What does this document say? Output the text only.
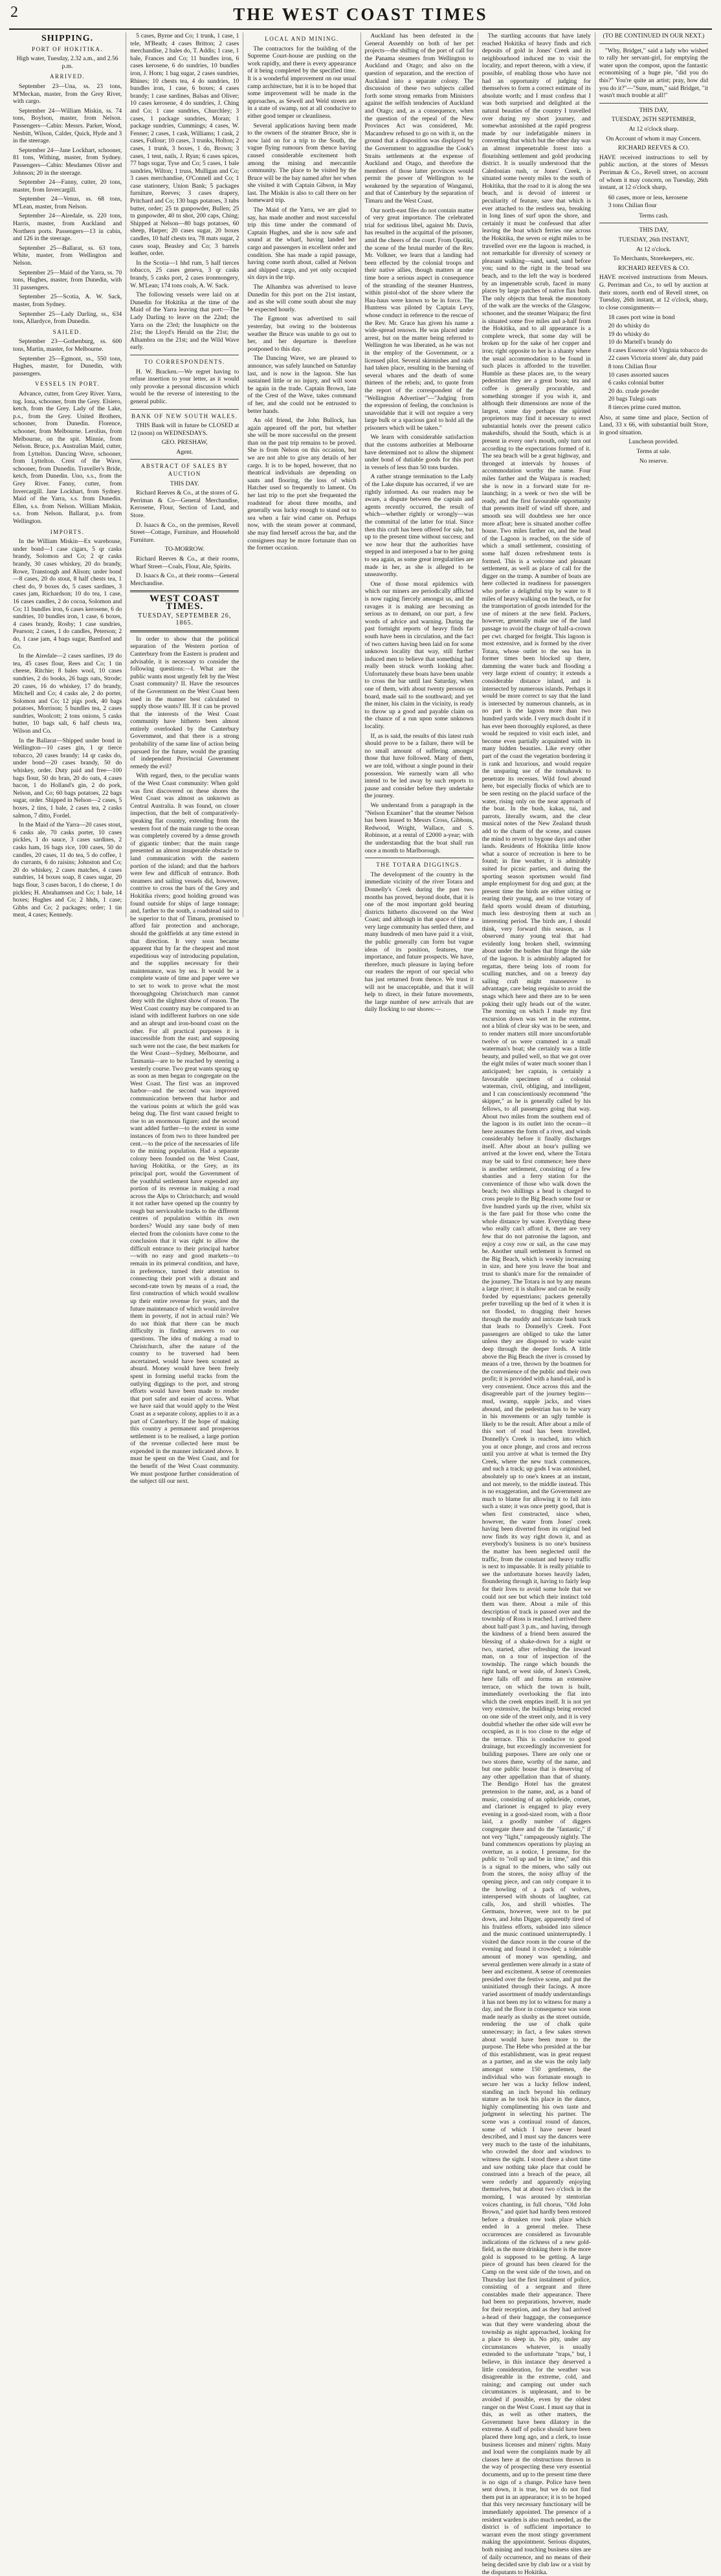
2	THE WEST COAST TIMES
SHIPPING.
PORT OF HOKITIKA.

High water, Tuesday, 2.32 a.m., and 2.56 p.m.

ARRIVED.

September 23—Una, ss. 23 tons, M'Meckan, master, from the Grey River, with cargo.

September 24—William Miskin, ss. 74 tons, Boylson, master, from Nelson. Passengers—Cabin: Messrs. Parker, Wood, Nesbitt, Wilson, Calder, Quick, Hyde and 3 in the steerage.

September 24—Jane Lockhart, schooner, 81 tons, Withing, master, from Sydney. Passengers—Cabin: Mesdames Oliver and Johnson; 20 in the steerage.

September 24—Fanny, cutter, 20 tons, master, from Invercargill.

September 24—Venus, ss. 68 tons, M'Lean, master, from Nelson.

September 24—Airedale, ss. 220 tons, Harris, master, from Auckland and Northern ports. Passengers—13 in cabin, and 126 in the steerage.

September 25—Ballarat, ss. 63 tons, White, master, from Wellington and Nelson.

September 25—Maid of the Yarra, ss. 70 tons, Hughes, master, from Dunedin, with 31 passengers.

September 25—Scotia, A. W. Sack, master, from Sydney.

September 25—Lady Darling, ss., 634 tons, Allardyce, from Dunedin.

SAILED.

September 23—Gothenburg, ss. 600 tons, Martin, master, for Melbourne.

September 25—Egmont, ss., 550 tons, Hughes, master, for Dunedin, with passengers.

VESSELS IN PORT.

Advance, cutter, from Grey River. Yarra, tug. Iona, schooner, from the Grey. Elsiero, ketch, from the Grey. Lady of the Lake, p.s., from the Grey. United Brothers, schooner, from Dunedin. Florence, schooner, from Melbourne. Lerolius, from Melbourne, on the spit. Minnie, from Nelson. Bruce, p.s. Australian Maid, cutter, from Lyttelton. Dancing Wave, schooner, from Lyttelton. Crest of the Wave, schooner, from Dunedin. Traveller's Bride, ketch, from Dunedin. Uno, s.s., from the Grey River. Fanny, cutter, from Invercargill. Jane Lockhart, from Sydney. Maid of the Yarra, s.s. from Dunedin. Ellen, s.s. from Nelson. William Miskin, s.s. from Nelson. Ballarat, p.s. from Wellington.

IMPORTS.

In the William Miskin—Ex warehouse, under bond—1 case cigars, 5 qr casks brandy, Solomon and Co; 2 qr casks brandy, 30 cases whiskey, 20 do brandy, Rowe, Transtough and Alison; under bond—8 cases, 20 do stout, 8 half chests tea, 1 chest do, 9 boxes do, 5 cases sardines, 3 cases jam, Richardson; 10 do tea, 1 case, 16 cases candles, 2 do cocoa, Solomon and Co; 11 bundles iron, 6 cases kerosene, 6 do sundries, 10 bundles iron, 1 case, 6 boxes, 4 cases brandy, Rosby; 1 case sundries, Pearson; 2 cases, 1 do candles, Peterson; 2 do, 1 case jam, 4 bags sugar, Bamford and Co.

In the Airedale—2 cases sardines, 19 do tea, 45 cases flour, Rees and Co; 1 tin cheese, Ritchie; 8 bales wool, 10 cases sundries, 2 do books, 26 bags oats, Strode; 20 cases, 16 do whiskey, 17 do brandy, Mitchell and Co; 4 casks ale, 2 do porter, Solomon and Co; 12 pigs pork, 40 bags potatoes, Morrison; 5 bundles tea, 2 cases sundries, Woolcott; 2 tons onions, 5 casks butter, 10 bags salt, 6 half chests tea, Wilson and Co.

In the Ballarat—Shipped under bond in Wellington—10 cases gin, 1 qr tierce tobacco, 20 cases brandy; 14 qr casks do, under bond—20 cases brandy, 50 do whiskey, order. Duty paid and free—100 bags flour, 50 do bran, 20 do oats, 4 cases bacon, 1 do Holland's gin, 2 do pork, Nelson, and Co; 60 bags potatoes, 22 bags sugar, order. Shipped in Nelson—2 cases, 5 boxes, 2 tins, 1 bale, 2 cases tea, 2 casks salmon, 7 ditto, Fordel.

In the Maid of the Yarra—20 cases stout, 6 casks ale, 70 casks porter, 10 cases pickles, 1 do sauce, 3 cases sardines, 2 casks ham, 16 bags rice, 100 cases, 50 do candles, 20 cases, 11 do tea, 5 do coffee, 1 do currants, 6 do raisins; Johnston and Co; 20 do whiskey, 2 cases matches, 4 cases sundries, 14 boxes soap, 8 cases sugar, 20 bags flour, 3 cases bacon, 1 do cheese, 1 do pickles; H. Abrahamsen and Co; 1 bale, 14 boxes; Hughes and Co; 2 hhds, 1 case; Gibbs and Co; 2 packages; order; 1 tin meat, 4 cases; Kennedy.

5 cases, Byrne and Co; 1 trunk, 1 case, 1 tele, M'Beath; 4 cases Britton; 2 cases merchandise, 2 bales do, T. Addis; 1 case, 1 bale, Frances and Co; 11 bundles iron, 6 cases kerosene, 6 do sundries, 10 bundles iron, J. Horn; 1 bag sugar, 2 cases sundries, Rhines; 10 chests tea, 4 do sundries, 10 bundles iron, 1 case, 6 boxes; 4 cases brandy; 1 case sardines, Balsas and Oliver; 10 cases kerosene, 4 do sundries, J. Ching and Co; 1 case sundries, Churchley; 3 cases, 1 package sundries, Moran; 1 package sundries, Cummings; 4 cases, W. Fenner; 2 cases, 1 cask, Williams; 1 cask, 2 cases, Fullour; 10 cases, 3 trunks, Holton; 2 cases, 1 trunk, 3 boxes, 1 do, Brown; 3 cases, 1 tent, nails, J. Ryan; 6 cases spices, 77 bags sugar, Tyse and Co; 5 cases, 1 bale sundries, Wilton; 1 truss, Mulligan and Co; 3 cases merchandise, O'Connell and Co; 1 case stationery, Union Bank; 5 packages furniture, Reeves; 3 cases drapery, Pritchard and Co; 130 bags potatoes, 3 tubs butter, order; 25 tn gunpowder, Bullen; 25 tn gunpowder, 40 tn shot, 200 caps, Ching; Shipped at Nelson—80 bags potatoes, 60 sheep, Harper; 20 cases sugar, 20 boxes candles, 10 half chests tea, 78 mats sugar, 2 cases soap, Beasley and Co; 3 barrels leather, order.

In the Scotia—1 hhd rum, 5 half tierces tobacco, 25 cases geneva, 3 qr casks brandy, 5 casks port, 2 cases ironmongery, W. M'Lean; 174 tons coals, A. W. Sack.

The following vessels were laid on at Dunedin for Hokitika at the time of the Maid of the Yarra leaving that port:—The Lady Darling to leave on the 22nd; the Yarra on the 23rd; the Isnaphicte on the 21st; the Lloyd's Herald on the 21st; the Alhambra on the 21st; and the Wild Wave early.

TO CORRESPONDENTS.

H. W. Bracken.—We regret having to refuse insertion to your letter, as it would only provoke a personal discussion which would be the reverse of interesting to the general public.

BANK OF NEW SOUTH WALES.

THIS Bank will in future be CLOSED at 12 (noon) on WEDNESDAYS.

GEO. PRESHAW,

Agent.

ABSTRACT OF SALES BY AUCTION

THIS DAY.

Richard Reeves & Co., at the stores of G. Perriman & Co—General Merchandise, Kerosene, Flour, Section of Land, and Store.

D. Isaacs & Co., on the premises, Revell Street—Cottage, Furniture, and Household Furniture.

TO-MORROW.

Richard Reeves & Co., at their rooms, Wharf Street—Coals, Flour, Ale, Spirits.

D. Isaacs & Co., at their rooms—General Merchandise.

WEST COAST TIMES.
TUESDAY, SEPTEMBER 26, 1865.

In order to show that the political separation of the Western portion of Canterbury from the Eastern is prudent and advisable, it is necessary to consider the following questions:—I. What are the public wants most urgently felt by the West Coast community? II. Have the resources of the Government on the West Coast been used in the manner best calculated to supply those wants? III. If it can be proved that the interests of the West Coast community have hitherto been almost entirely overlooked by the Canterbury Government, and that there is a strong probability of the same line of action being pursued for the future, would the granting of independent Provincial Government remedy the evil?

With regard, then, to the peculiar wants of the West Coast community: When gold was first discovered on these shores the West Coast was almost as unknown as Central Australia. It was found, on closer inspection, that the belt of comparatively-speaking flat country, extending from the western foot of the main range to the ocean was completely covered by a dense growth of gigantic timber; that the main range presented an almost insuperable obstacle to land communication with the eastern portion of the island; and that the harbors were few and difficult of entrance. Both steamers and sailing vessels did, however, contrive to cross the bars of the Grey and Hokitika rivers; good holding ground was found outside for ships of large tonnage; and, farther to the south, a roadstead said to be superior to that of Timaru, promised to afford fair protection and anchorage, should the goldfields at any time extend in that direction. It very soon became apparent that by far the cheapest and most expeditious way of introducing population, and the supplies necessary for their maintenance, was by sea. It would be a complete waste of time and paper were we to set to work to prove what the most thoroughgoing Christchurch man cannot deny with the slightest show of reason. The West Coast country may be compared to an island with indifferent harbors on one side and an abrupt and iron-bound coast on the other. For all practical purposes it is inaccessible from the east; and supposing such were not the case, the best markets for the West Coast—Sydney, Melbourne, and Tasmania—are to be reached by steering a westerly course. Two great wants sprang up as soon as men began to congregate on the West Coast. The first was an improved harbor—and the second was improved communication between that harbor and the various points at which the gold was being dug. The first want caused freight to rise to an enormous figure; and the second want added further—to the extent in some instances of from two to three hundred per cent.—to the price of the necessaries of life to the mining population. Had a separate colony been founded on the West Coast, having Hokitika, or the Grey, as its principal port, would the Government of the youthful settlement have expended any portion of its revenue in making a road across the Alps to Christchurch; and would it not rather have opened up the country by rough but serviceable tracks to the different centres of population within its own borders? Would any sane body of men elected from the colonists have come to the conclusion that it was right to allow the difficult entrance to their principal harbor—with no easy and good markets—to remain in its primeval condition, and have, in preference, turned their attention to connecting their port with a distant and second-rate town by means of a road, the first construction of which would swallow up their entire revenue for years, and the future maintenance of which would involve them in poverty, if not in actual ruin? We do not think that there can be much difficulty in finding answers to our questions. The idea of making a road to Christchurch, after the nature of the country to be traversed had been ascertained, would have been scouted as absurd. Money would have been freely spent in forming useful tracks from the outlying diggings to the port, and strong efforts would have been made to render that port safer and easier of access. What we have said that would apply to the West Coast as a separate colony, applies to it as a part of Canterbury. If the hope of making this country a permanent and prosperous settlement is to be realised, a large portion of the revenue collected here must be expended in the manner indicated above. It must be spent on the West Coast, and for the benefit of the West Coast community. We must postpone further consideration of the subject till our next.

LOCAL AND MINING.

The contractors for the building of the Supreme Court-house are pushing on the work rapidly, and there is every appearance of it being completed by the specified time. It is a wonderful improvement on our usual camp architecture, but it is to be hoped that some improvement will be made in the approaches, as Sewell and Weld streets are in a state of swamp, not at all conducive to either good temper or cleanliness.

Several applications having been made to the owners of the steamer Bruce, she is now laid on for a trip to the South, the vague flying rumours from thence having caused considerable excitement both among the mining and mercantile community. The place to be visited by the Bruce will be the bay named after her when she visited it with Captain Gibson, in May last. The Miskin is also to call there on her homeward trip.

The Maid of the Yarra, we are glad to say, has made another and most successful trip this time under the command of Captain Hughes, and she is now safe and sound at the wharf, having landed her cargo and passengers in excellent order and condition. She has made a rapid passage, having come north about, called at Nelson and shipped cargo, and yet only occupied six days in the trip.

The Alhambra was advertised to leave Dunedin for this port on the 21st instant, and as she will come south about she may be expected hourly.

The Egmont was advertised to sail yesterday, but owing to the boisterous weather the Bruce was unable to go out to her, and her departure is therefore postponed to this day.

The Dancing Wave, we are pleased to announce, was safely launched on Saturday last, and is now in the lagoon. She has sustained little or no injury, and will soon be again in the trade. Captain Brown, late of the Crest of the Wave, takes command of her, and she could not be entrusted to better hands.

An old friend, the John Bullock, has again appeared off the port, but whether she will be more successful on the present than on the past trip remains to be proved. She is from Nelson on this occasion, but we are not able to give any details of her cargo. It is to be hoped, however, that no theatrical individuals are depending on sauts and flooring, the loss of which Hatcher used so frequently to lament. On her last trip to the port she frequented the roadstead for about three months, and generally was lucky enough to stand out to sea when a fair wind came on. Perhaps now, with the steam power at command, she may find herself across the bar, and the consignees may be more fortunate than on the former occasion.

Auckland has been defeated in the General Assembly on both of her pet projects—the shifting of the port of call for the Panama steamers from Wellington to Auckland and Otago; and also on the question of separation, and the erection of Auckland into a separate colony. The discussion of these two subjects called forth some strong remarks from Ministers against the selfish tendencies of Auckland and Otago; and, as a consequence, when the question of the repeal of the New Provinces Act was considered, Mr. Macandrew refused to go on with it, on the ground that a disposition was displayed by the Government to aggrandise the Cook's Straits settlements at the expense of Auckland and Otago, and therefore the members of those latter provinces would permit the power of Wellington to be weakened by the separation of Wanganui, and that of Canterbury by the separation of Timaru and the West Coast.

Our north-east files do not contain matter of very great importance. The celebrated trial for seditious libel, against Mr. Davis, has resulted in the acquittal of the prisoner, amid the cheers of the court. From Opotiki, the scene of the brutal murder of the Rev. Mr. Volkner, we learn that a landing had been effected by the colonial troops and their native allies, though matters at one time bore a serious aspect in consequence of the stranding of the steamer Huntress, within pistol-shot of the shore where the Hau-haus were known to be in force. The Huntress was piloted by Captain Levy, whose conduct in reference to the rescue of the Rev. Mr. Grace has given his name a wide-spread renown. He was placed under arrest, but on the matter being referred to Wellington he was liberated, as he was not in the employ of the Government, or a licensed pilot. Several skirmishes and raids had taken place, resulting in the burning of several whares and the death of some thirteen of the rebels; and, to quote from the report of the correspondent of the "Wellington Advertiser"—"Judging from the expression of feeling, the conclusion is unavoidable that it will not require a very large bulk or a spacious gaol to hold all the prisoners which will be taken."

We learn with considerable satisfaction that the customs authorities at Melbourne have determined not to allow the shipment under bond of dutiable goods for this port in vessels of less than 50 tons burden.

A rather strange termination to the Lady of the Lake dispute has occurred, if we are rightly informed. As our readers may be aware, a dispute between the captain and agents recently occurred, the result of which—whether rightly or wrongly—was the committal of the latter for trial. Since then this craft has been offered for sale, but up to the present time without success; and we now hear that the authorities have stepped in and interposed a bar to her going to sea again, as some great irregularities are made in her, as she is alleged to be unseaworthy.

One of those moral epidemics with which our miners are periodically afflicted is now raging fiercely amongst us, and the ravages it is making are becoming as serious as to demand, on our part, a few words of advice and warning. During the past fortnight reports of heavy finds far south have been in circulation, and the fact of two cutters having been laid on for some unknown locality that way, still further induced men to believe that something had really been struck worth looking after. Unfortunately these boats have been unable to cross the bar until last Saturday, when one of them, with about twenty persons on board, made sail to the southward; and yet the miner, his claim in the vicinity, is ready to throw up a good and payable claim on the chance of a run upon some unknown locality.

If, as is said, the results of this latest rush should prove to be a failure, there will be no small amount of suffering amongst those that have followed. Many of them, we are told, without a single pound in their possession. We earnestly warn all who intend to be led away by such reports to pause and consider before they undertake the journey.

We understand from a paragraph in the "Nelson Examiner" that the steamer Nelson has been leased to Messrs Cross, Gibbons, Redwood, Wright, Wallace, and S. Robinson, at a rental of £2000 a-year; with the understanding that the boat shall run once a month to Marlborough.

THE TOTARA DIGGINGS.

The development of the country in the immediate vicinity of the river Totara and Donnelly's Creek during the past two months has proved, beyond doubt, that it is one of the most important gold bearing districts hitherto discovered on the West Coast; and although in that space of time a very large community has settled there, and many hundreds of men have paid it a visit, the public generally can form but vague ideas of its position, features, true importance, and future prospects. We have, therefore, much pleasure in laying before our readers the report of our special who has just returned from thence. We trust it will not be unacceptable, and that it will help to direct, in their future movements, the large number of new arrivals that are daily flocking to our shores:—

The startling accounts that have lately reached Hokitika of heavy finds and rich deposits of gold in Jones' Creek and its neighbourhood induced me to visit the locality, and report thereon, with a view, if possible, of enabling those who have not had an opportunity of judging for themselves to form a correct estimate of its absolute worth; and I must confess that I was both surprised and delighted at the natural beauties of the country I travelled over during my short journey, and somewhat astonished at the rapid progress made by our indefatigable miners in converting that which but the other day was an almost impenetrable forest into a flourishing settlement and gold producing district. It is usually understood that the Caledonian rush, or Jones' Creek, is situated some twenty miles to the south of Hokitika, that the road to it is along the sea beach, and is devoid of interest or peculiarity of feature, save that which is ever attached to the restless sea, breaking in long lines of surf upon the shore, and certainly it must be confessed that after leaving the boat which ferries one across the Hokitika, the seven or eight miles to be travelled over ere the lagoon is reached, is not remarkable for diversity of scenery or pleasant walking—sand, sand, sand before you; sand to the right in the broad sea beach, and to the left the way is bordered by an impenetrable scrub, faced in many places by large patches of native flax bush. The only objects that break the monotony of the walk are the wrecks of the Glasgow, schooner, and the steamer Waipara; the first is situated some five miles and a-half from the Hokitika, and to all appearance is a complete wreck, that some day will be broken up for the sake of her copper and iron; right opposite to her is a shanty where the usual accommodation to be found in such places is afforded to the traveller. Humble as these places are, to the weary pedestrian they are a great boon; tea and coffee is generally procurable, and something stronger if you wish it, and although their dimensions are none of the largest, some day perhaps the spirited proprietors may find it necessary to erect substantial hotels over the present calico makeshifts, should the South, which is at present in every one's mouth, only turn out according to the expectations formed of it. The sea beach will be a great highway, and thronged at intervals by houses of accommodation worthy the name. Four miles farther and the Waipara is reached; she is now in a forward state for re-launching; in a week or two she will be ready, and the first favourable opportunity that presents itself of wind off shore, and smooth sea will doubtless see her once more afloat; here is situated another coffee house. Two miles farther on, and the head of the Lagoon is reached, on the side of which a small settlement, consisting of some half dozen refreshment tents is formed. This is a welcome and pleasant settlement, as well as place of call for the digger on the tramp. A number of boats are here collected in readiness for passengers who prefer a delightful trip by water to 8 miles of heavy walking on the beach, or for the transportation of goods intended for the use of miners at the new field. Packers, however, generally make use of the land passage to avoid the charge of half-a-crown per cwt. charged for freight. This lagoon is most extensive, and is formed by the river Totara, whose outlet to the sea has in former times been blocked up there, damming the water back and flooding a very large extent of country; it extends a considerable distance inland, and is intersected by numerous islands. Perhaps it would be more correct to say that the land is intersected by numerous channels, as in no part is the lagoon more than two hundred yards wide. I very much doubt if it has ever been thoroughly explored, as there would be required to visit each inlet, and become even partially acquainted with its many hidden beauties. Like every other part of the coast the vegetation bordering it is rank and luxurious, and would require the unsparing use of the tomahawk to penetrate its recesses. Wild fowl abound here, but especially flocks of which are to be seen resting on the placid surface of the water, rising only on the near approach of the boat. In the bush, kakas, tui, and parrots, literally swarm, and the clear musical notes of the New Zealand thrush add to the charm of the scene, and causes the mind to revert to bygone days and other lands. Residents of Hokitika little know what a source of recreation is here to be found; in fine weather, it is admirably suited for picnic parties, and during the sporting season sportsmen would find ample employment for dog and gun; at the present time the birds are either sitting or rearing their young, and so true votary of field sports would dream of disturbing, much less destroying them at such an interesting period. The birds are, I should think, very forward this season, as I observed many young teal that had evidently long broken shell, swimming about under the bushes that fringe the side of the lagoon. It is admirably adapted for regattas, there being lots of room for sculling matches, and on a breezy day sailing craft might manoeuvre to advantage, care being requisite to avoid the snags which here and there are to be seen poking their ugly heads out of the water. The morning on which I made my first excursion down was wet in the extreme, not a blink of clear sky was to be seen, and to render matters still more uncomfortable twelve of us were crammed in a small waterman's boat; she certainly was a little beauty, and pulled well, so that we got over the eight miles of water much sooner than I anticipated; her captain, is certainly a favourable specimen of a colonial waterman, civil, obliging, and intelligent, and I can conscientiously recommend "the skipper," as he is generally called by his fellows, to all passengers going that way. About two miles from the southern end of the lagoon is its outlet into the ocean—it here assumes the form of a river, and winds considerably before it finally discharges itself. After about an hour's pulling we arrived at the lower end, where the Totara may be said to first commence; here there is another settlement, consisting of a few shanties and a ferry station for the convenience of those who walk down the beach; two shillings a head is charged to cross people to the Big Beach some four or five hundred yards up the river, whilst six is the fare paid for those who come the whole distance by water. Everything these who really can't afford it, there are very few that do not patronise the lagoon, and enjoy a cosy row or sail, as the case may be. Another small settlement is formed on the Big Beach, which is weekly increasing in size, and here you leave the boat and trust to shank's mare for the remainder of the journey. The Totara is not by any means a large river; it is shallow and can be easily forded by equestrians; packers generally prefer travelling up the bed of it when it is not flooded, to dragging their horses through the muddy and intricate bush track that leads to Donnelly's Creek. Foot passengers are obliged to take the latter unless they are disposed to wade waist deep through the deeper fords. A little above the Big Beach the river is crossed by means of a tree, thrown by the boatmen for the convenience of the public and their own profit; it is provided with a hand-rail, and is very convenient. Once across this and the disagreeable part of the journey begins—mud, swamp, supple jacks, and vines abound, and the pedestrian has to be wary in his movements or an ugly tumble is likely to be the result. After about a mile of this sort of road has been travelled, Donnelly's Creek is reached, into which you at once plunge, and cross and recross until you arrive at what is termed the Dry Creek, where the new track commences, and such a track; up gods I was astonished, absolutely up to one's knees at an instant, and not merely, to the middle instead. This is no exaggeration, and the Government are much to blame for allowing it to fall into such a state; it was once pretty good, that is when first constructed, since when, however, the water from Jones' creek having been diverted from its original bed now finds its way right down it, and as everybody's business is no one's business the matter has been neglected until the traffic, from the constant and heavy traffic is next to impassable. It is really pitiable to see the unfortunate horses heavily laden, floundering through it, having to fairly leap for their lives to avoid some hole that we could not see but which their instinct told them was there. About a mile of this description of track is passed over and the township of Ross is reached. I arrived there about half-past 3 p.m., and having, through the kindness of a friend been assured the blessing of a shake-down for a night or two, started, after refreshing the inward man, on a tour of inspection of the township. The range which bounds the right hand, or west side, of Jones's Creek, here falls off and forms an extensive terrace, on which the town is built, immediately overlooking the flat into which the creek empties itself. It is not yet very extensive, the buildings being erected on one side of the street only, and it is very doubtful whether the other side will ever be occupied, as it is too close to the edge of the terrace. This is conducive to good drainage, but exceedingly inconvenient for building purposes. There are only one or two stores there, worthy of the name, and but one public house that is deserving of any other appellation than that of shanty. The Bendigo Hotel has the greatest pretension to the name, and, as a band of music, consisting of an ophicleide, cornet, and clarionet is engaged to play every evening in a good-sized room, with a floor laid, a goodly number of diggers congregate there and do the "fantastic," if not very "light," rampageously nightly. The band commences operations by playing an overture, as a notice, I presume, for the public to "roll up and be in time," and this is a signal to the miners, who sally out from the stores, the noisy affray of the opening piece, and can only compare it to the howling of a pack of wolves, interspersed with shouts of laughter, cat calls, Jos, and shrill whistles. The Germans, however, were not to be put down, and John Digger, apparently tired of his fruitless efforts, subsided into silence and the music continued uninterruptedly. I visited the dance room in the course of the evening and found it crowded; a tolerable amount of money was spending, and several gentlemen were already in a state of beer and excitement. A sense of ceremonies presided over the festive scene, and put the uninitiated through their facings. A more varied assortment of muddy understandings it has not been my lot to witness for many a day, and the floor in consequence was soon made nearly as slushy as the street outside, rendering the use of chalk quite unnecessary; in fact, a few sakes strewn about would have been more to the purpose. The Hebe who presided at the bar of this establishment, was in great request as a partner, and as she was the only lady amongst some 150 gentlemen, the individual who was fortunate enough to secure her was a lucky fellow indeed, standing an inch beyond his ordinary stature as he took his place in the dance, highly complimenting his own taste and judgment in selecting his partner. The scene was a continual round of dances, some of which I have never heard described, and I must say the dancers were very much to the taste of the inhabitants, who crowded the door and windows to witness the sight. I stood there a short time and saw nothing take place that could be construed into a breach of the peace, all were orderly and apparently enjoying themselves, but at about two o'clock in the morning, I was aroused by stentorian voices chanting, in full chorus, "Old John Brown," and quiet had hardly been restored before a drunken row took place which ended in a general melee. These occurrences are considered as favourable indications of the richness of a new gold-field, as the more drinking there is the more gold is supposed to be getting. A large piece of ground has been cleared for the Camp on the west side of the town, and on Thursday last the first instalment of police, consisting of a sergeant and three constables made their appearance. There had been no preparations, however, made for their reception, and as they had arrived a-head of their baggage, the consequence was that they were wandering about the township as night approached, looking for a place to sleep in. No pity, under any circumstances whatever, is usually extended to the unfortunate "traps," but, I believe, in this instance they deserved a little consideration, for the weather was disagreeable in the extreme, cold, and raining; and camping out under such circumstances is unpleasant, and to be avoided if possible, even by the oldest ranger on the West Coast. I must say that in this, as well as other matters, the Government have been dilatory in the extreme. A staff of police should have been placed there long ago, and a clerk, to issue business licenses and miners' rights. Many and loud were the complaints made by all classes here at the obstructions thrown in the way of prospecting these very essential documents, and up to the present time there is no sign of a change. Police have been sent down, it is true, but we do not find them put in an appearance; it is to be hoped that this very necessary functionary will be immediately appointed. The presence of a resident warden is also much needed, as the district is of sufficient importance to warrant even the most stingy government making the appointment. Serious disputes, both mining and touching business sites are of daily occurrence, and no means of their being decided save by club law or a visit by the disputants to Hokitika.

(TO BE CONTINUED IN OUR NEXT.)

"Why, Bridget," said a lady who wished to rally her servant-girl, for emptying the water upon the compost, upon the fantastic economising of a huge pie, "did you do this?" You're quite an artist; pray, how did you do it?"—"Sure, mum," said Bridget, "it wasn't much trouble at all!"

THIS DAY,

TUESDAY, 26TH SEPTEMBER,

At 12 o'clock sharp.

On Account of whom it may Concern.

RICHARD REEVES & CO.

HAVE received instructions to sell by public auction, at the stores of Messrs Perriman & Co., Revell street, on account of whom it may concern, on Tuesday, 26th instant, at 12 o'clock sharp,

60 cases, more or less, kerosene
3 tons Chilian flour

Terms cash.

THIS DAY,

TUESDAY, 26th INSTANT,

At 12 o'clock.

To Merchants, Storekeepers, etc.

RICHARD REEVES & CO.

HAVE received instructions from Messrs. G. Perriman and Co., to sell by auction at their stores, north end of Revell street, on Tuesday, 26th instant, at 12 o'clock, sharp, to close consignments—

18 cases port wine in bond
20 do whisky do
19 do whisky do
10 do Martell's brandy do
8 cases Essence old Virginia tobacco do
22 cases Victoria stores' ale, duty paid
8 tons Chilian flour
10 cases assorted sauces
6 casks colonial butter
20 do. crude powder
20 bags Tulegi oats
8 tierces prime cured mutton.

Also, at same time and place, Section of Land, 33 x 66, with substantial built Store, in good situation.

Luncheon provided.

Terms at sale.

No reserve.
